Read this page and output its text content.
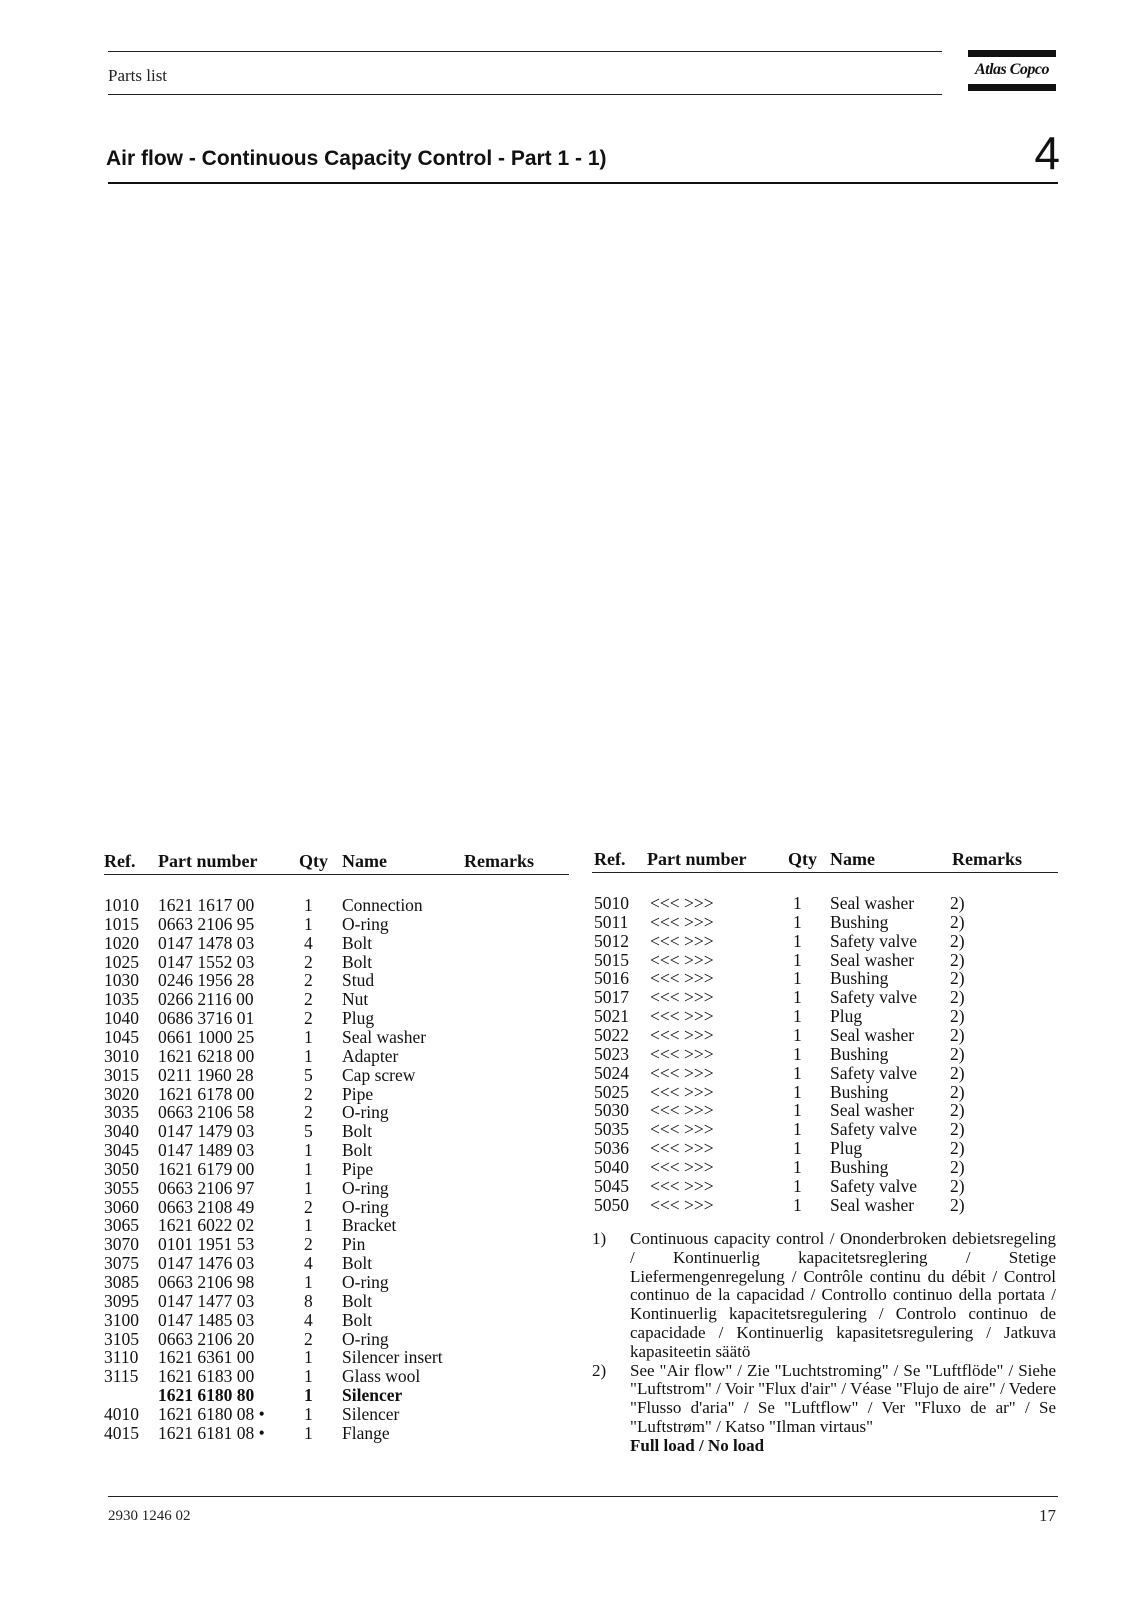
Parts list	Atlas Copco
Air flow - Continuous Capacity Control - Part 1 - 1)	4
Ref. Part number Qty Name	Remarks
1010 1621 1617 00	1 Connection
1015 0663 2106 95	1 O-ring
1020 0147 1478 03	4 Bolt
1025 0147 1552 03	2 Bolt
1030 0246 1956 28	2 Stud
1035 0266 2116 00	2 Nut
1040 0686 3716 01	2 Plug
1045 0661 1000 25	1 Seal washer
3010 1621 6218 00	1 Adapter
3015 0211 1960 28	5 Cap screw
3020 1621 6178 00	2 Pipe
3035 0663 2106 58	2 O-ring
3040 0147 1479 03	5 Bolt
3045 0147 1489 03	1 Bolt
3050 1621 6179 00	1 Pipe
3055 0663 2106 97	1 O-ring
3060 0663 2108 49	2 O-ring
3065 1621 6022 02	1 Bracket
3070 0101 1951 53	2 Pin
3075 0147 1476 03	4 Bolt
3085 0663 2106 98	1 O-ring
3095 0147 1477 03	8 Bolt
3100 0147 1485 03	4 Bolt
3105 0663 2106 20	2 O-ring
3110 1621 6361 00	1 Silencer insert
3115 1621 6183 00	1 Glass wool
1621 6180 80	1 Silencer
4010 1621 6180 08 • 1 Silencer
4015 1621 6181 08 • 1 Flange
Ref. Part number Qty Name	Remarks
5010 <<< >>>	1 Seal washer 2)
5011 <<< >>>	1 Bushing	2)
5012 <<< >>>	1 Safety valve 2)
5015 <<< >>>	1 Seal washer 2)
5016 <<< >>>	1 Bushing	2)
5017 <<< >>>	1 Safety valve 2)
5021 <<< >>>	1 Plug	2)
5022 <<< >>>	1 Seal washer 2)
5023 <<< >>>	1 Bushing	2)
5024 <<< >>>	1 Safety valve 2)
5025 <<< >>>	1 Bushing	2)
5030 <<< >>>	1 Seal washer 2)
5035 <<< >>>	1 Safety valve 2)
5036 <<< >>>	1 Plug	2)
5040 <<< >>>	1 Bushing	2)
5045 <<< >>>	1 Safety valve 2)
5050 <<< >>>	1 Seal washer 2)
1) Continuous capacity control / Ononderbroken debietsregeling / Kontinuerlig kapacitetsreglering / Stetige Liefermengenregelung / Contrôle continu du débit / Control continuo de la capacidad / Controllo continuo della portata / Kontinuerlig kapacitetsregulering / Controlo continuo de capacidade / Kontinuerlig kapasitetsregulering / Jatkuva kapasiteetin säätö
2) See "Air flow" / Zie "Luchtstroming" / Se "Luftflöde" / Siehe "Luftstrom" / Voir "Flux d'air" / Véase "Flujo de aire" / Vedere "Flusso d'aria" / Se "Luftflow" / Ver "Fluxo de ar" / Se "Luftstrøm" / Katso "Ilman virtaus"
Full load / No load
2930 1246 02	17
